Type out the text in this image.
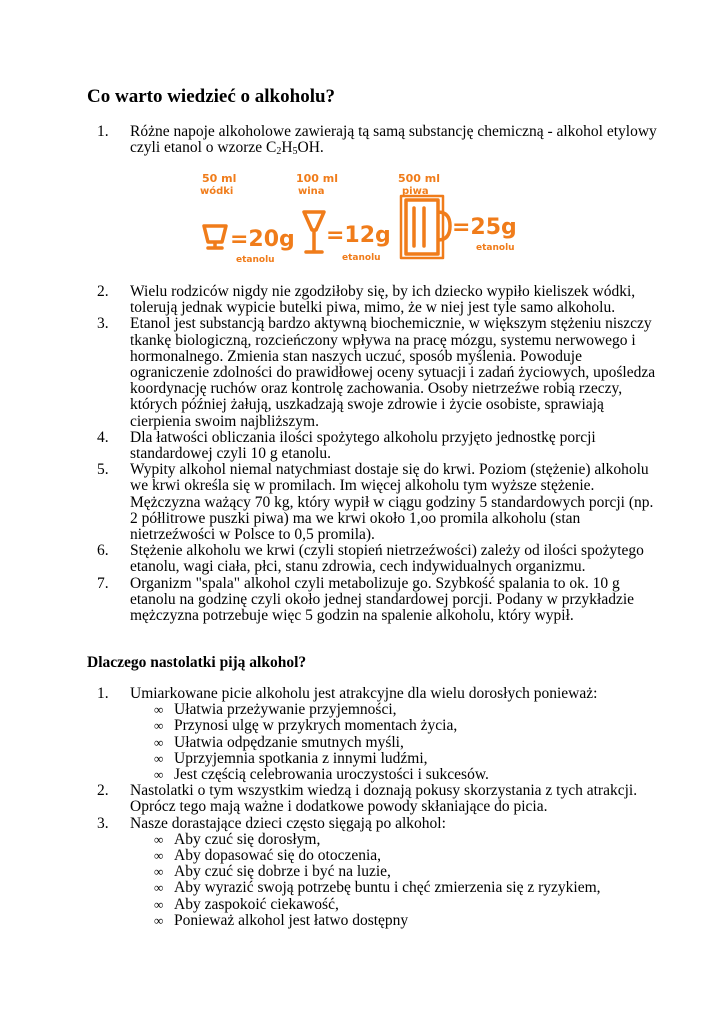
Co warto wiedzieć o alkoholu?
1. Różne napoje alkoholowe zawierają tą samą substancję chemiczną - alkohol etylowy czyli etanol o wzorze $C_2H_5OH$.
50 ml
wódki
=20g
etanolu
100 ml
wina
=12g
etanolu
500 ml
piwa
=25g
etanolu
2. Wielu rodziców nigdy nie zgodziłoby się, by ich dziecko wypiło kieliszek wódki, tolerują jednak wypicie butelki piwa, mimo, że w niej jest tyle samo alkoholu.
3. Etanol jest substancją bardzo aktywną biochemicznie, w większym stężeniu niszczy tkankę biologiczną, rozcieńczony wpływa na pracę mózgu, systemu nerwowego i hormonalnego. Zmienia stan naszych uczuć, sposób myślenia. Powoduje ograniczenie zdolności do prawidłowej oceny sytuacji i zadań życiowych, upośledza koordynację ruchów oraz kontrolę zachowania. Osoby nietrzeźwe robią rzeczy, których później żałują, uszkadzają swoje zdrowie i życie osobiste, sprawiają cierpienia swoim najbliższym.
4. Dla łatwości obliczania ilości spożytego alkoholu przyjęto jednostkę porcji standardowej czyli 10 g etanolu.
5. Wypity alkohol niemal natychmiast dostaje się do krwi. Poziom (stężenie) alkoholu we krwi określa się w promilach. Im więcej alkoholu tym wyższe stężenie. Mężczyzna ważący 70 kg, który wypił w ciągu godziny 5 standardowych porcji (np. 2 półlitrowe puszki piwa) ma we krwi około 1,oo promila alkoholu (stan nietrzeźwości w Polsce to 0,5 promila).
6. Stężenie alkoholu we krwi (czyli stopień nietrzeźwości) zależy od ilości spożytego etanolu, wagi ciała, płci, stanu zdrowia, cech indywidualnych organizmu.
7. Organizm "spala" alkohol czyli metabolizuje go. Szybkość spalania to ok. 10 g etanolu na godzinę czyli około jednej standardowej porcji. Podany w przykładzie mężczyzna potrzebuje więc 5 godzin na spalenie alkoholu, który wypił.
Dlaczego nastolatki piją alkohol?
1. Umiarkowane picie alkoholu jest atrakcyjne dla wielu dorosłych ponieważ:
∞ Ułatwia przeżywanie przyjemności,
∞ Przynosi ulgę w przykrych momentach życia,
∞ Ułatwia odpędzanie smutnych myśli,
∞ Uprzyjemnia spotkania z innymi ludźmi,
∞ Jest częścią celebrowania uroczystości i sukcesów.
2. Nastolatki o tym wszystkim wiedzą i doznają pokusy skorzystania z tych atrakcji. Oprócz tego mają ważne i dodatkowe powody skłaniające do picia.
3. Nasze dorastające dzieci często sięgają po alkohol:
∞ Aby czuć się dorosłym,
∞ Aby dopasować się do otoczenia,
∞ Aby czuć się dobrze i być na luzie,
∞ Aby wyrazić swoją potrzebę buntu i chęć zmierzenia się z ryzykiem,
∞ Aby zaspokoić ciekawość,
∞ Ponieważ alkohol jest łatwo dostępny
